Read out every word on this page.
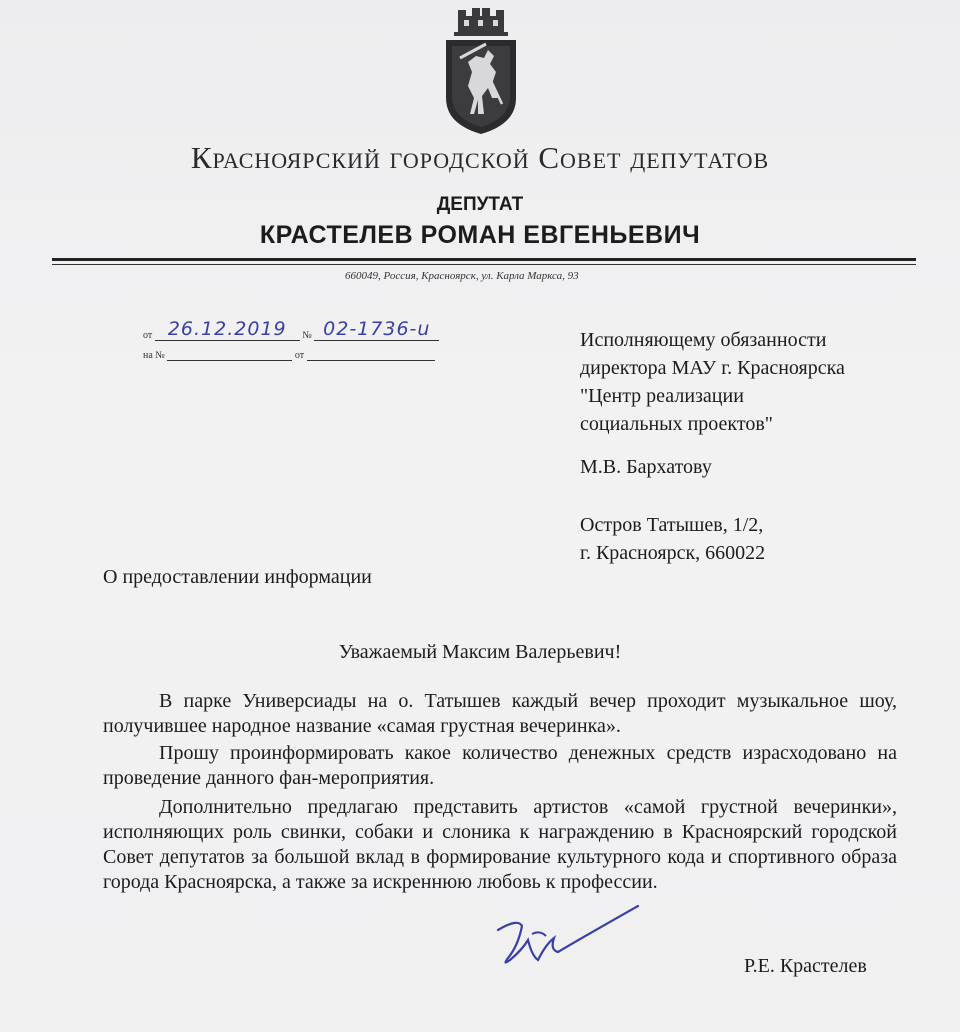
Красноярский городской Совет депутатов
ДЕПУТАТ
КРАСТЕЛЕВ РОМАН ЕВГЕНЬЕВИЧ
660049, Россия, Красноярск, ул. Карла Маркса, 93
от 26.12.2019 № 02-1736-u
на №	от
Исполняющему обязанности
директора МАУ г. Красноярска
"Центр реализации
социальных проектов"
М.В. Бархатову
Остров Татышев, 1/2,
г. Красноярск, 660022
О предоставлении информации
Уважаемый Максим Валерьевич!

В парке Универсиады на о. Татышев каждый вечер проходит музыкальное шоу, получившее народное название «самая грустная вечеринка».

Прошу проинформировать какое количество денежных средств израсходовано на проведение данного фан-мероприятия.

Дополнительно предлагаю представить артистов «самой грустной вечеринки», исполняющих роль свинки, собаки и слоника к награждению в Красноярский городской Совет депутатов за большой вклад в формирование культурного кода и спортивного образа города Красноярска, а также за искреннюю любовь к профессии.

Р.Е. Крастелев
